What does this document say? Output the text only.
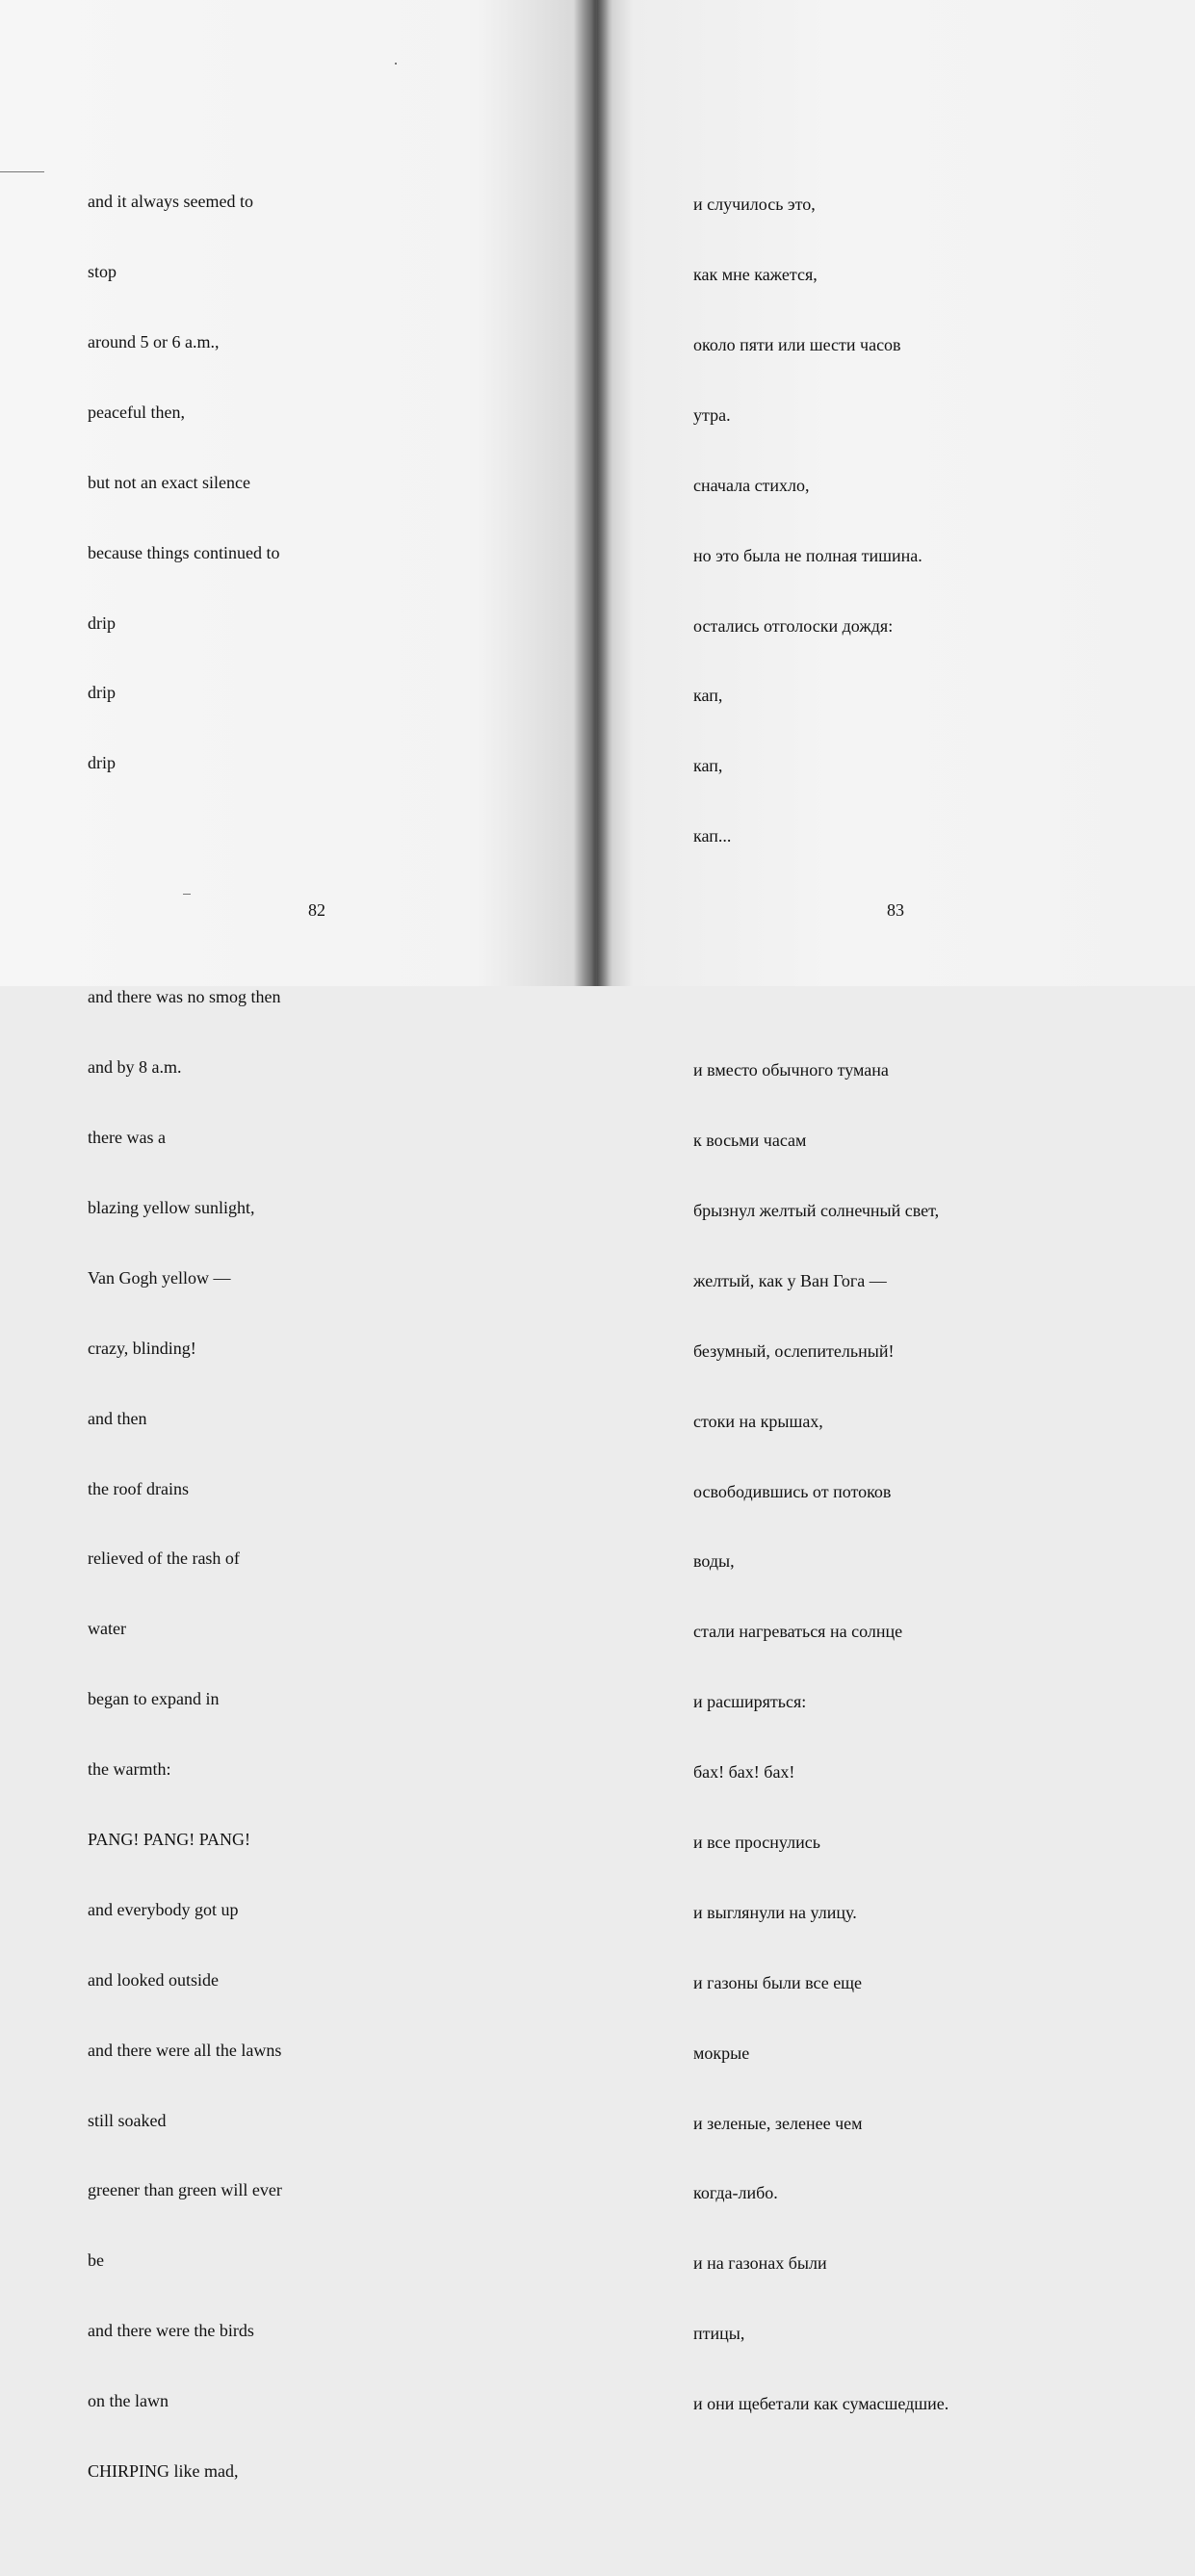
and it always seemed to

stop

around 5 or 6 a.m.,

peaceful then,

but not an exact silence

because things continued to

drip

drip

drip

and there was no smog then

and by 8 a.m.

there was a

blazing yellow sunlight,

Van Gogh yellow —

crazy, blinding!

and then

the roof drains

relieved of the rash of

water

began to expand in

the warmth:

PANG! PANG! PANG!

and everybody got up

and looked outside

and there were all the lawns

still soaked

greener than green will ever

be

and there were the birds

on the lawn

CHIRPING like mad,

и случилось это,

как мне кажется,

около пяти или шести часов

утра.

сначала стихло,

но это была не полная тишина.

остались отголоски дождя:

кап,

кап,

кап...

и вместо обычного тумана

к восьми часам

брызнул желтый солнечный свет,

желтый, как у Ван Гога —

безумный, ослепительный!

стоки на крышах,

освободившись от потоков

воды,

стали нагреваться на солнце

и расширяться:

бах! бах! бах!

и все проснулись

и выглянули на улицу.

и газоны были все еще

мокрые

и зеленые, зеленее чем

когда-либо.

и на газонах были

птицы,

и они щебетали как сумасшедшие.

82	83
